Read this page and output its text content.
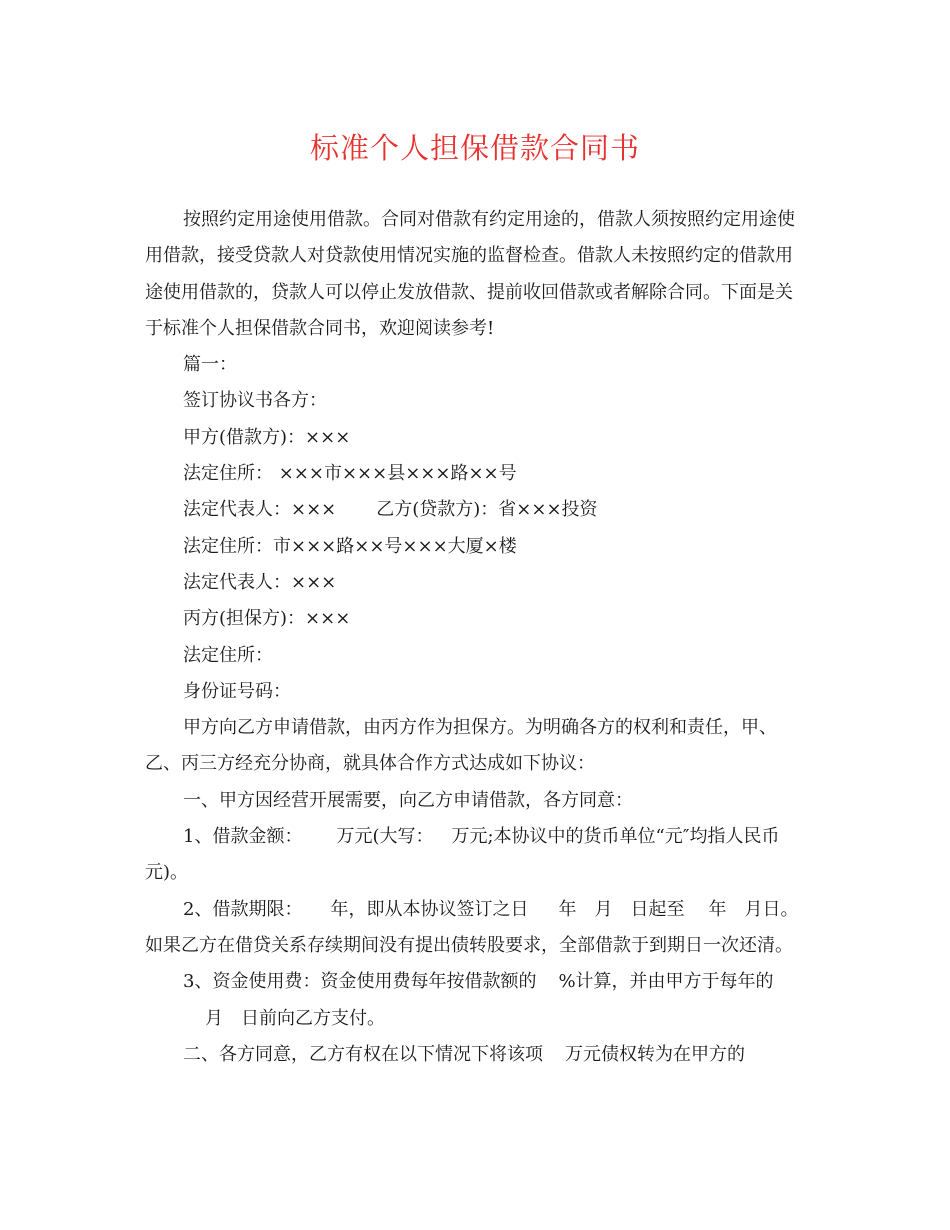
标准个人担保借款合同书

按照约定用途使用借款。合同对借款有约定用途的，借款人须按照约定用途使用借款，接受贷款人对贷款使用情况实施的监督检查。借款人未按照约定的借款用途使用借款的，贷款人可以停止发放借款、提前收回借款或者解除合同。下面是关于标准个人担保借款合同书，欢迎阅读参考!

篇一：

签订协议书各方：

甲方(借款方)：×××

法定住所： ×××市×××县×××路××号

法定代表人：××× 乙方(贷款方)：省×××投资

法定住所：市×××路××号×××大厦×楼

法定代表人：×××

丙方(担保方)：×××

法定住所：

身份证号码：

甲方向乙方申请借款，由丙方作为担保方。为明确各方的权利和责任，甲、乙、丙三方经充分协商，就具体合作方式达成如下协议：

一、甲方因经营开展需要，向乙方申请借款，各方同意：

1、借款金额： 万元(大写： 万元;本协议中的货币单位“元″均指人民币元)。

2、借款期限： 年，即从本协议签订之日 年 月 日起至 年 月日。如果乙方在借贷关系存续期间没有提出债转股要求，全部借款于到期日一次还清。

3、资金使用费：资金使用费每年按借款额的 %计算，并由甲方于每年的月 日前向乙方支付。

二、各方同意，乙方有权在以下情况下将该项 万元债权转为在甲方的
